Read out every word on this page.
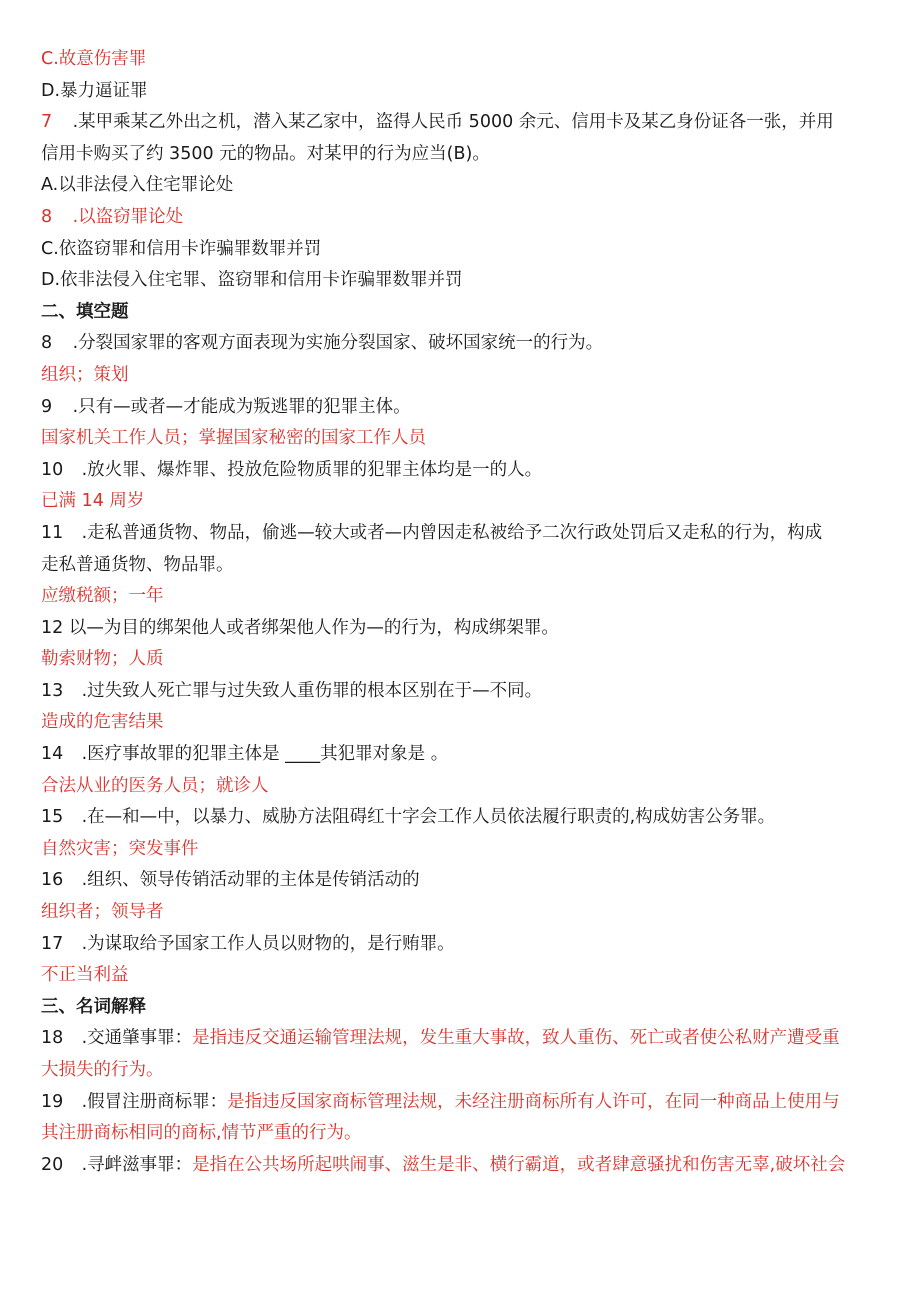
C.故意伤害罪
D.暴力逼证罪
7 .某甲乘某乙外出之机，潜入某乙家中，盗得人民币 5000 余元、信用卡及某乙身份证各一张，并用
信用卡购买了约 3500 元的物品。对某甲的行为应当(B)。
A.以非法侵入住宅罪论处
8 .以盗窃罪论处
C.依盗窃罪和信用卡诈骗罪数罪并罚
D.依非法侵入住宅罪、盗窃罪和信用卡诈骗罪数罪并罚
二、填空题
8 .分裂国家罪的客观方面表现为实施分裂国家、破坏国家统一的行为。
组织；策划
9 .只有—或者—才能成为叛逃罪的犯罪主体。
国家机关工作人员；掌握国家秘密的国家工作人员
10 .放火罪、爆炸罪、投放危险物质罪的犯罪主体均是一的人。
已满 14 周岁
11 .走私普通货物、物品，偷逃—较大或者—内曾因走私被给予二次行政处罚后又走私的行为，构成
走私普通货物、物品罪。
应缴税额；一年
12 以—为目的绑架他人或者绑架他人作为—的行为，构成绑架罪。
勒索财物；人质
13 .过失致人死亡罪与过失致人重伤罪的根本区别在于—不同。
造成的危害结果
14 .医疗事故罪的犯罪主体是 ____其犯罪对象是 。
合法从业的医务人员；就诊人
15 .在—和—中，以暴力、威胁方法阻碍红十字会工作人员依法履行职责的,构成妨害公务罪。
自然灾害；突发事件
16 .组织、领导传销活动罪的主体是传销活动的
组织者；领导者
17 .为谋取给予国家工作人员以财物的，是行贿罪。
不正当利益
三、名词解释
18 .交通肇事罪：是指违反交通运输管理法规，发生重大事故，致人重伤、死亡或者使公私财产遭受重
大损失的行为。
19 .假冒注册商标罪：是指违反国家商标管理法规，未经注册商标所有人许可，在同一种商品上使用与
其注册商标相同的商标,情节严重的行为。
20 .寻衅滋事罪：是指在公共场所起哄闹事、滋生是非、横行霸道，或者肆意骚扰和伤害无辜,破坏社会
